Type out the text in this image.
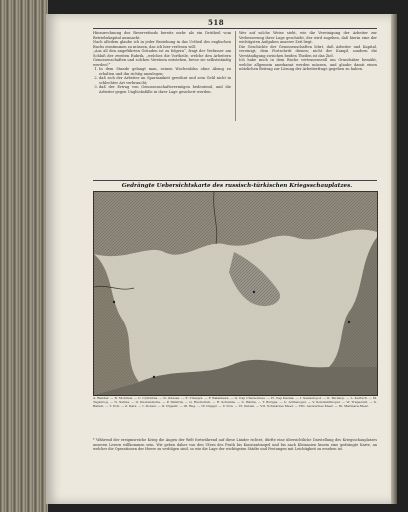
518

Hinzurechnung des Reservefonds bereits mehr als ein Drittheil vom Betriebskapital ausmacht.

Nach alledem glaube ich in jeder Beziehung in das Urtheil des englischen Buchs einstimmen zu müssen, das ich hier verlesen will:

„Aus all den angeführten Gründen ist zu folgern“, fragt der Verfasser am Schluß der zweiten Rubrik, „welches die Vortheile, welche den Arbeitern Genossenschaften und solchen Vereinen entstehen, bevor sie selbstständig werden?“

1. In dem Stande gelangt man, seinen Wochenlohn ohne Abzug zu erhalten und ihn richtig anzulegen;
2. daß sich der Arbeiter an Sparsamkeit gewöhnt und sein Geld nicht in schlechter Art verbraucht;
3. daß der Ertrag von Genossenschaftsvermögen bedeutend, und die Arbeiter gegen Unglücksfälle in ihrer Lage gesichert werden.

Wer auf solche Weise sieht, wie die Vereinigung der Arbeiter zur Verbesserung ihrer Lage geschieht, der wird zugeben, daß hierin eine der wichtigsten Aufgaben unserer Zeit liegt.

Die Geschichte der Genossenschaften lehrt, daß Arbeiter und Kapital, vereinigt, dem Fortschritt dienen; nicht der Kampf, sondern die Verständigung zwischen beiden Theilen ist das Ziel.

Ich habe mich in dem Buche vertrauensvoll um Grundsätze bemüht, welche allgemein anerkannt werden müssen, und glaube damit einen nützlichen Beitrag zur Lösung der Arbeiterfrage gegeben zu haben.

Gedrängte Uebersichtskarte des russisch-türkischen Kriegsschauplatzes.
A. Bender. — B. Mohilew. — C. Cymnitza. — D. Odessa. — E. Tiraspol. — F. Balaklawa. — G. Cap Chersonnes. — H. Cap Kasma. — I. Sewastopol. — K. Perekop. — L. Kertsch. — M. Taganrog. — N. Sulina. — O. Kustendsche. — P. Silistria. — Q. Rustschuk. — R. Schumla. — S. Warna. — T. Burgas. — U. Adrianopel. — V. Konstantinopel. — W. Trapezunt. — X. Batum. — Y. Poti. — Z. Kars. — I. Donau. — II. Dnjestr. — III. Bug. — IV. Dnjepr. — V. Don. — VI. Kuban. — VII. Schwarzes Meer. — VIII. Asowsches Meer. — IX. Marmara-Meer.
* Während der ereignisreiche Krieg die Augen der Welt fortwährend auf diese Länder richtet, dürfte eine übersichtliche Darstellung des Kriegsschauplatzes unseren Lesern willkommen sein. Wir geben daher von den Ufern des Pruth bis Konstantinopel und bis nach Kleinasien hinein eine gedrängte Karte, an welcher die Operationen der Heere zu verfolgen sind, so wie die Lage der wichtigsten Städte und Festungen mit Leichtigkeit zu ersehen ist.
